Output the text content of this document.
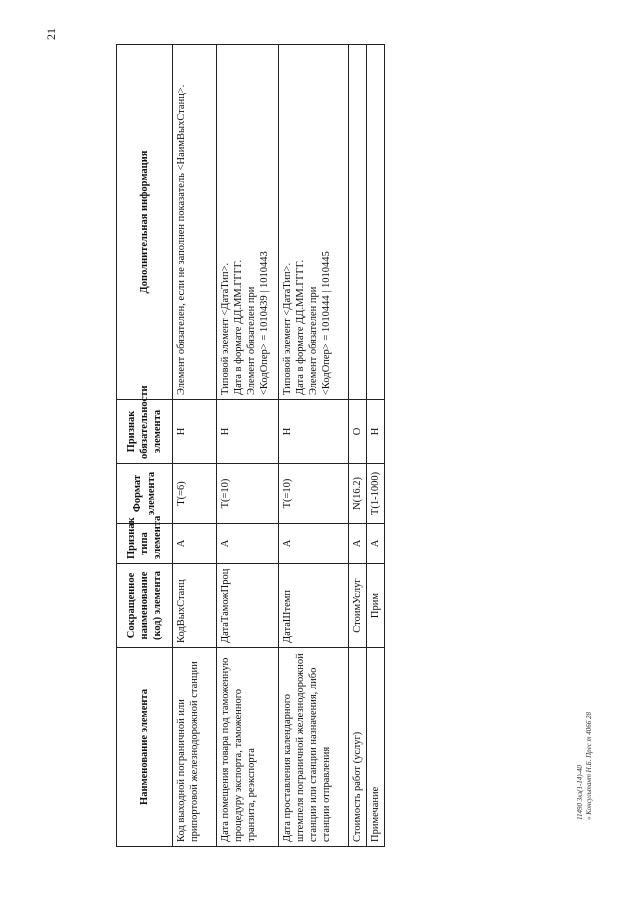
21
Наименование элемента	Сокращенное наименование (код) элемента	Признак типа элемента	Формат элемента	Признак обязательности элемента	Дополнительная информация
Код выходной пограничной или припортовой железнодорожной станции	КодВыхСтанц	А	Т(=6)	Н	Элемент обязателен, если не заполнен показатель <НаимВыхСтанц>.
Дата помещения товара под таможенную процедуру экспорта, таможенного транзита, реэкспорта	ДатаТаможПроц	А	Т(=10)	Н	Типовой элемент <ДатаТип>.
Дата в формате ДД.ММ.ГГГГ.
Элемент обязателен при
<КодОпер> = 1010439 | 1010443
Дата проставления календарного штемпеля пограничной железнодорожной станции или станции назначения, либо станции отправления	ДатаШтемп	А	Т(=10)	Н	Типовой элемент <ДатаТип>.
Дата в формате ДД.ММ.ГГГГ.
Элемент обязателен при
<КодОпер> = 1010444 | 1010445
Стоимость работ (услуг)	СтоимУслуг	А	N(16.2)	О	
Примечание	Прим	А	Т(1-1000)	Н	
11490 Зкз(1-14)-40 « Консультант Н.Б. Прес т 4066 28
